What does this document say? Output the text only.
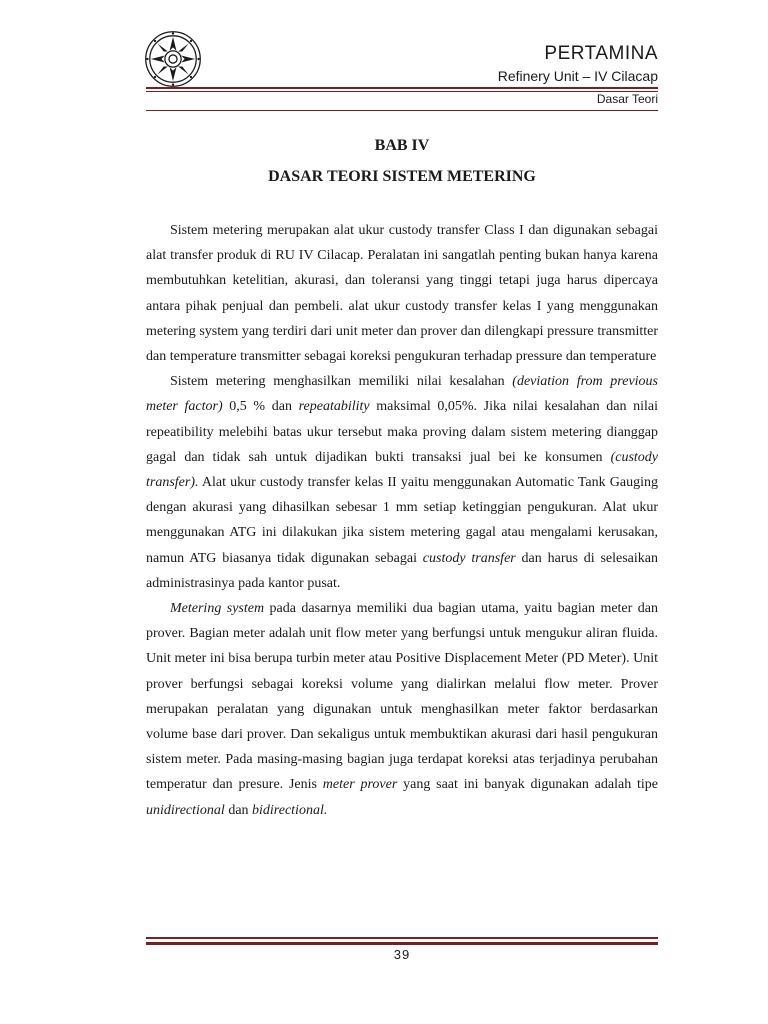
PERTAMINA
Refinery Unit – IV Cilacap
Dasar Teori
BAB IV
DASAR TEORI SISTEM METERING

Sistem metering merupakan alat ukur custody transfer Class I dan digunakan sebagai alat transfer produk di RU IV Cilacap. Peralatan ini sangatlah penting bukan hanya karena membutuhkan ketelitian, akurasi, dan toleransi yang tinggi tetapi juga harus dipercaya antara pihak penjual dan pembeli. alat ukur custody transfer kelas I yang menggunakan metering system yang terdiri dari unit meter dan prover dan dilengkapi pressure transmitter dan temperature transmitter sebagai koreksi pengukuran terhadap pressure dan temperature

Sistem metering menghasilkan memiliki nilai kesalahan (deviation from previous meter factor) 0,5 % dan repeatability maksimal 0,05%. Jika nilai kesalahan dan nilai repeatibility melebihi batas ukur tersebut maka proving dalam sistem metering dianggap gagal dan tidak sah untuk dijadikan bukti transaksi jual bei ke konsumen (custody transfer). Alat ukur custody transfer kelas II yaitu menggunakan Automatic Tank Gauging dengan akurasi yang dihasilkan sebesar 1 mm setiap ketinggian pengukuran. Alat ukur menggunakan ATG ini dilakukan jika sistem metering gagal atau mengalami kerusakan, namun ATG biasanya tidak digunakan sebagai custody transfer dan harus di selesaikan administrasinya pada kantor pusat.

Metering system pada dasarnya memiliki dua bagian utama, yaitu bagian meter dan prover. Bagian meter adalah unit flow meter yang berfungsi untuk mengukur aliran fluida. Unit meter ini bisa berupa turbin meter atau Positive Displacement Meter (PD Meter). Unit prover berfungsi sebagai koreksi volume yang dialirkan melalui flow meter. Prover merupakan peralatan yang digunakan untuk menghasilkan meter faktor berdasarkan volume base dari prover. Dan sekaligus untuk membuktikan akurasi dari hasil pengukuran sistem meter. Pada masing-masing bagian juga terdapat koreksi atas terjadinya perubahan temperatur dan presure. Jenis meter prover yang saat ini banyak digunakan adalah tipe unidirectional dan bidirectional.

39
